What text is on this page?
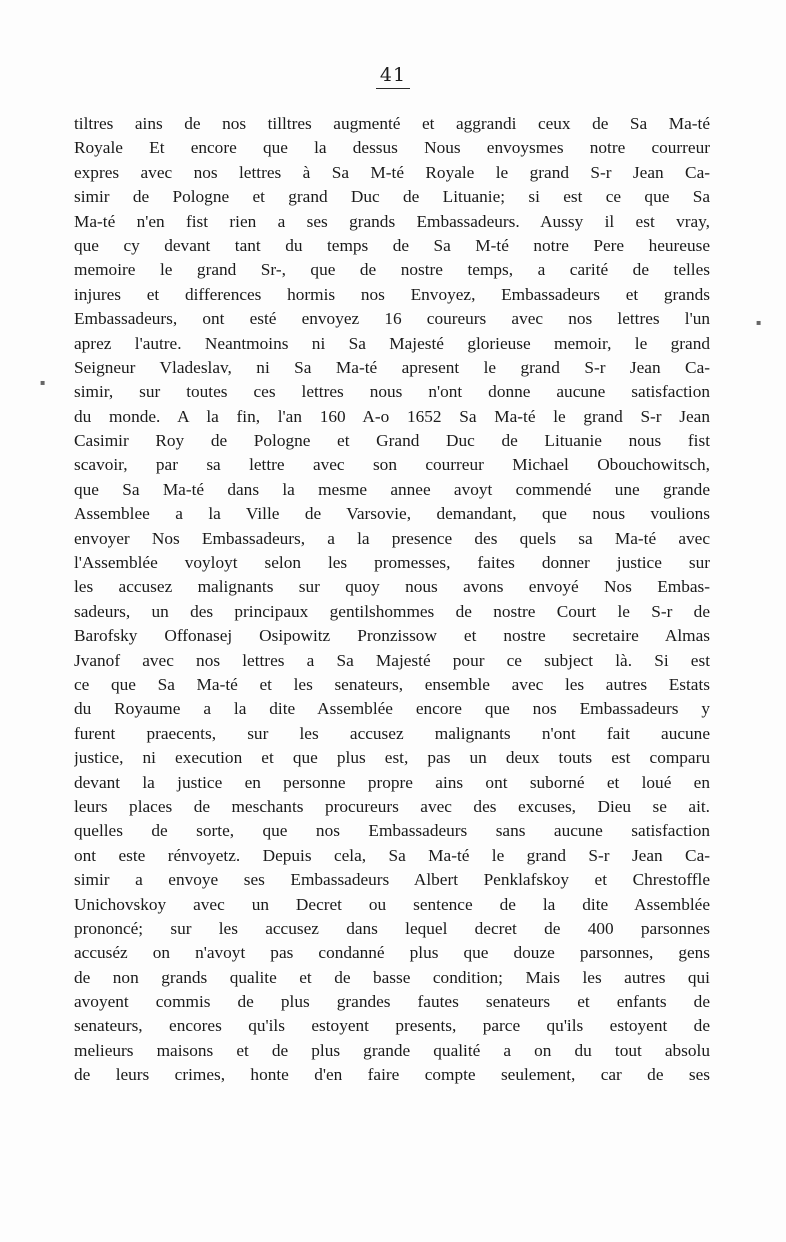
41
tiltres ains de nos tilltres augmenté et aggrandi ceux de Sa Ma-té
Royale Et encore que la dessus Nous envoysmes notre courreur
expres avec nos lettres à Sa M-té Royale le grand S-r Jean Ca-
simir de Pologne et grand Duc de Lituanie; si est ce que Sa
Ma-té n'en fist rien a ses grands Embassadeurs. Aussy il est vray,
que cy devant tant du temps de Sa M-té notre Pere heureuse
memoire le grand Sr-, que de nostre temps, a carité de telles
injures et differences hormis nos Envoyez, Embassadeurs et grands
Embassadeurs, ont esté envoyez 16 coureurs avec nos lettres l'un
aprez l'autre. Neantmoins ni Sa Majesté glorieuse memoir, le grand
Seigneur Vladeslav, ni Sa Ma-té apresent le grand S-r Jean Ca-
simir, sur toutes ces lettres nous n'ont donne aucune satisfaction
du monde. A la fin, l'an 160 A-o 1652 Sa Ma-té le grand S-r Jean
Casimir Roy de Pologne et Grand Duc de Lituanie nous fist
scavoir, par sa lettre avec son courreur Michael Obouchowitsch,
que Sa Ma-té dans la mesme annee avoyt commendé une grande
Assemblee a la Ville de Varsovie, demandant, que nous voulions
envoyer Nos Embassadeurs, a la presence des quels sa Ma-té avec
l'Assemblée voyloyt selon les promesses, faites donner justice sur
les accusez malignants sur quoy nous avons envoyé Nos Embas-
sadeurs, un des principaux gentilshommes de nostre Court le S-r de
Barofsky Offonasej Osipowitz Pronzissow et nostre secretaire Almas
Jvanof avec nos lettres a Sa Majesté pour ce subject là. Si est
ce que Sa Ma-té et les senateurs, ensemble avec les autres Estats
du Royaume a la dite Assemblée encore que nos Embassadeurs y
furent praecents, sur les accusez malignants n'ont fait aucune
justice, ni execution et que plus est, pas un deux touts est comparu
devant la justice en personne propre ains ont suborné et loué en
leurs places de meschants procureurs avec des excuses, Dieu se ait.
quelles de sorte, que nos Embassadeurs sans aucune satisfaction
ont este rénvoyetz. Depuis cela, Sa Ma-té le grand S-r Jean Ca-
simir a envoye ses Embassadeurs Albert Penklafskoy et Chrestoffle
Unichovskoy avec un Decret ou sentence de la dite Assemblée
prononcé; sur les accusez dans lequel decret de 400 parsonnes
accuséz on n'avoyt pas condanné plus que douze parsonnes, gens
de non grands qualite et de basse condition; Mais les autres qui
avoyent commis de plus grandes fautes senateurs et enfants de
senateurs, encores qu'ils estoyent presents, parce qu'ils estoyent de
melieurs maisons et de plus grande qualité a on du tout absolu
de leurs crimes, honte d'en faire compte seulement, car de ses
▪
▪
